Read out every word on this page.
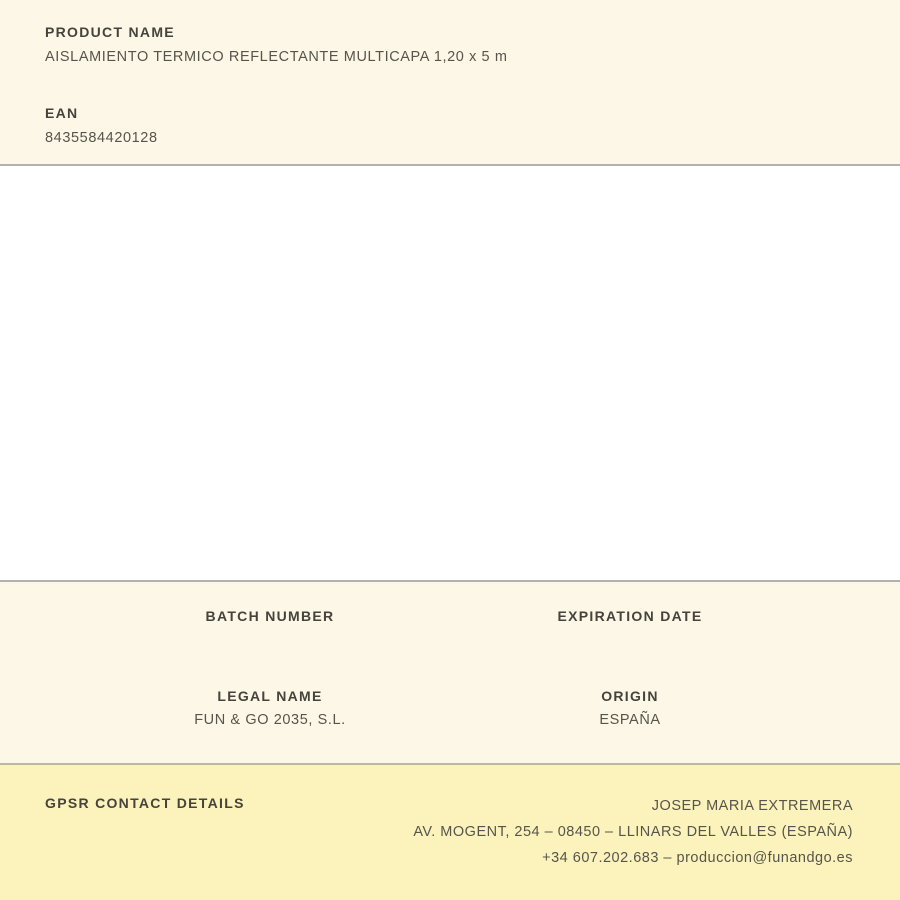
PRODUCT NAME
AISLAMIENTO TERMICO REFLECTANTE MULTICAPA 1,20 x 5 m
EAN
8435584420128
BATCH NUMBER
LEGAL NAME
FUN & GO 2035, S.L.
EXPIRATION DATE
ORIGIN
ESPAÑA
GPSR CONTACT DETAILS	JOSEP MARIA EXTREMERA
AV. MOGENT, 254 – 08450 – LLINARS DEL VALLES (ESPAÑA)
+34 607.202.683 – produccion@funandgo.es
